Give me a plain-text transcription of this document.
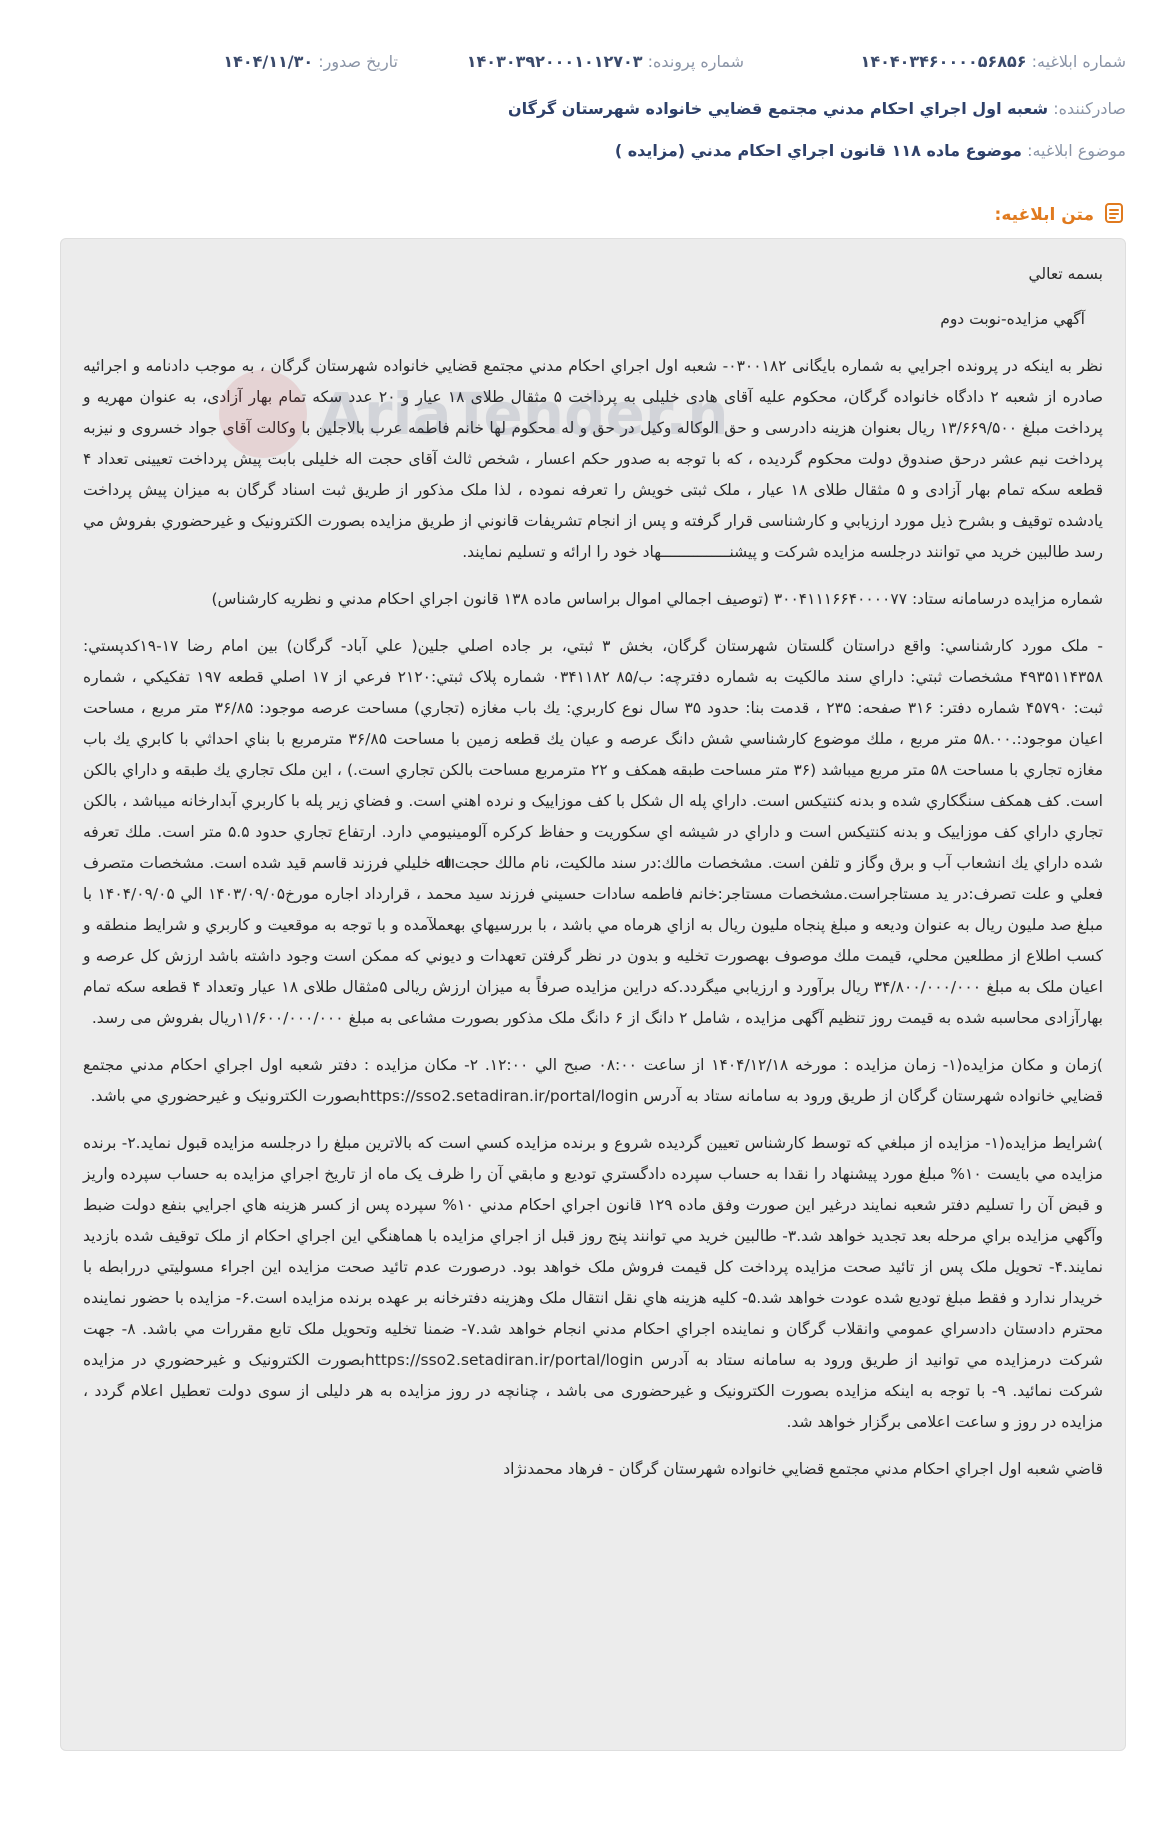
شماره ابلاغيه: ۱۴۰۴۰۳۴۶۰۰۰۰۵۶۸۵۶
شماره پرونده: ۱۴۰۳۰۳۹۲۰۰۰۱۰۱۲۷۰۳
تاريخ صدور: ۱۴۰۴/۱۱/۳۰
صادرکننده: شعبه اول اجراي احکام مدني مجتمع قضايي خانواده شهرستان گرگان
موضوع ابلاغيه: موضوع ماده ۱۱۸ قانون اجراي احکام مدني (مزايده )
متن ابلاغيه:
AriaTender.n

بسمه تعالي

آگهي مزايده-نوبت دوم

نظر به اينکه در پرونده اجرايي به شماره بايگانی ۰۳۰۰۱۸۲- شعبه اول اجراي احکام مدني مجتمع قضايي خانواده شهرستان گرگان ، به موجب دادنامه و اجرائيه صادره از شعبه ۲ دادگاه خانواده گرگان، محکوم عليه آقای هادی خليلی به پرداخت ۵ مثقال طلای ۱۸ عيار و ۲۰ عدد سکه تمام بهار آزادی، به عنوان مهريه و پرداخت مبلغ ۱۳/۶۶۹/۵۰۰ ريال بعنوان هزينه دادرسی و حق الوکاله وکيل در حق و له محکوم لها خانم فاطمه عرب بالاجلين با وکالت آقای جواد خسروی و نيزبه پرداخت نيم عشر درحق صندوق دولت محکوم گرديده ، که با توجه به صدور حکم اعسار ، شخص ثالث آقای حجت اله خليلی بابت پيش پرداخت تعيينی تعداد ۴ قطعه سکه تمام بهار آزادی و ۵ مثقال طلای ۱۸ عيار ، ملک ثبتی خويش را تعرفه نموده ، لذا ملک مذکور از طريق ثبت اسناد گرگان به ميزان پيش پرداخت يادشده توقيف و بشرح ذيل مورد ارزيابي و کارشناسی قرار گرفته و پس از انجام تشريفات قانوني از طريق مزايده بصورت الکترونيک و غيرحضوري بفروش مي رسد طالبين خريد مي توانند درجلسه مزايده شرکت و پيشنـــــــــــــــهاد خود را ارائه و تسليم نمايند.

شماره مزايده درسامانه ستاد: ۳۰۰۴۱۱۱۶۶۴۰۰۰۰۷۷ (توصيف اجمالي اموال براساس ماده ۱۳۸ قانون اجراي احکام مدني و نظريه کارشناس)

- ملک مورد کارشناسي: واقع دراستان گلستان شهرستان گرگان، بخش ۳ ثبتي، بر جاده اصلي جلين( علي آباد- گرگان) بين امام رضا ۱۷-۱۹کدپستي: ۴۹۳۵۱۱۴۳۵۸ مشخصات ثبتي: داراي سند مالکيت به شماره دفترچه: ب/۸۵ ۰۳۴۱۱۸۲ شماره پلاک ثبتي:۲۱۲۰ فرعي از ۱۷ اصلي قطعه ۱۹۷ تفکيکي ، شماره ثبت: ۴۵۷۹۰ شماره دفتر: ۳۱۶ صفحه: ۲۳۵ ، قدمت بنا: حدود ۳۵ سال نوع کاربري: يك باب مغازه (تجاري) مساحت عرصه موجود: ۳۶/۸۵ متر مربع ، مساحت اعيان موجود:.۵۸.۰۰ متر مربع ، ملك موضوع کارشناسي شش دانگ عرصه و عيان يك قطعه زمين با مساحت ۳۶/۸۵ مترمربع با بناي احداثي با کابري يك باب مغازه تجاري با مساحت ۵۸ متر مربع ميباشد (۳۶ متر مساحت طبقه همکف و ۲۲ مترمربع مساحت بالکن تجاري است.) ، اين ملک تجاري يك طبقه و داراي بالکن است. کف همکف سنگکاري شده و بدنه کنتيکس است. داراي پله ال شکل با کف موزاييک و نرده اهني است. و فضاي زير پله با کاربري آبدارخانه ميباشد ، بالکن تجاري داراي کف موزاييک و بدنه کنتيکس است و داراي در شيشه اي سکوريت و حفاظ کرکره آلومينيومي دارد. ارتفاع تجاري حدود ۵.۵ متر است. ملك تعرفه شده داراي يك انشعاب آب و برق وگاز و تلفن است. مشخصات مالك:در سند مالکيت، نام مالك حجت اﷲ خليلي فرزند قاسم قيد شده است. مشخصات متصرف فعلي و علت تصرف:در يد مستاجراست.مشخصات مستاجر:خانم فاطمه سادات حسيني فرزند سيد محمد ، قرارداد اجاره مورخ۱۴۰۳/۰۹/۰۵ الي ۱۴۰۴/۰۹/۰۵ با مبلغ صد مليون ريال به عنوان وديعه و مبلغ پنجاه مليون ريال به ازاي هرماه مي باشد ، با بررسيهاي بهعملآمده و با توجه به موقعيت و کاربري و شرايط منطقه و کسب اطلاع از مطلعين محلي، قيمت ملك موصوف بهصورت تخليه و بدون در نظر گرفتن تعهدات و ديوني که ممکن است وجود داشته باشد ارزش کل عرصه و اعيان ملک به مبلغ ۳۴/۸۰۰/۰۰۰/۰۰۰ ريال برآورد و ارزيابي ميگردد.که دراين مزايده صرفاً به ميزان ارزش ريالی ۵مثقال طلای ۱۸ عيار وتعداد ۴ قطعه سکه تمام بهارآزادی محاسبه شده به قيمت روز تنظيم آگهی مزايده ، شامل ۲ دانگ از ۶ دانگ ملک مذکور بصورت مشاعی به مبلغ ۱۱/۶۰۰/۰۰۰/۰۰۰ريال بفروش می رسد.

)زمان و مکان مزايده(۱- زمان مزايده : مورخه ۱۴۰۴/۱۲/۱۸ از ساعت ۰۸:۰۰ صبح الي ۱۲:۰۰. ۲- مکان مزايده : دفتر شعبه اول اجراي احکام مدني مجتمع قضايي خانواده شهرستان گرگان از طريق ورود به سامانه ستاد به آدرس https://sso2.setadiran.ir/portal/loginبصورت الکترونيک و غيرحضوري مي باشد.

)شرايط مزايده(۱- مزايده از مبلغي که توسط کارشناس تعيين گرديده شروع و برنده مزايده کسي است که بالاترين مبلغ را درجلسه مزايده قبول نمايد.۲- برنده مزايده مي بايست ۱۰% مبلغ مورد پيشنهاد را نقدا به حساب سپرده دادگستري توديع و مابقي آن را ظرف يک ماه از تاريخ اجراي مزايده به حساب سپرده واريز و قبض آن را تسليم دفتر شعبه نمايند درغير اين صورت وفق ماده ۱۲۹ قانون اجراي احکام مدني ۱۰% سپرده پس از کسر هزينه هاي اجرايي بنفع دولت ضبط وآگهي مزايده براي مرحله بعد تجديد خواهد شد.۳- طالبين خريد مي توانند پنج روز قبل از اجراي مزايده با هماهنگي اين اجراي احکام از ملک توقيف شده بازديد نمايند.۴- تحويل ملک پس از تائيد صحت مزايده پرداخت کل قيمت فروش ملک خواهد بود. درصورت عدم تائيد صحت مزايده اين اجراء مسولیتي دررابطه با خريدار ندارد و فقط مبلغ توديع شده عودت خواهد شد.۵- کليه هزينه هاي نقل انتقال ملک وهزينه دفترخانه بر عهده برنده مزايده است.۶- مزايده با حضور نماينده محترم دادستان دادسراي عمومي وانقلاب گرگان و نماينده اجراي احکام مدني انجام خواهد شد.۷- ضمنا تخليه وتحويل ملک تابع مقررات مي باشد. ۸- جهت شرکت درمزايده مي توانيد از طريق ورود به سامانه ستاد به آدرس https://sso2.setadiran.ir/portal/loginبصورت الکترونيک و غيرحضوري در مزايده شرکت نمائيد. ۹- با توجه به اينکه مزايده بصورت الکترونيک و غيرحضوری می باشد ، چنانچه در روز مزايده به هر دليلی از سوی دولت تعطيل اعلام گردد ، مزايده در روز و ساعت اعلامی برگزار خواهد شد.

قاضي شعبه اول اجراي احکام مدني مجتمع قضايي خانواده شهرستان گرگان - فرهاد محمدنژاد
